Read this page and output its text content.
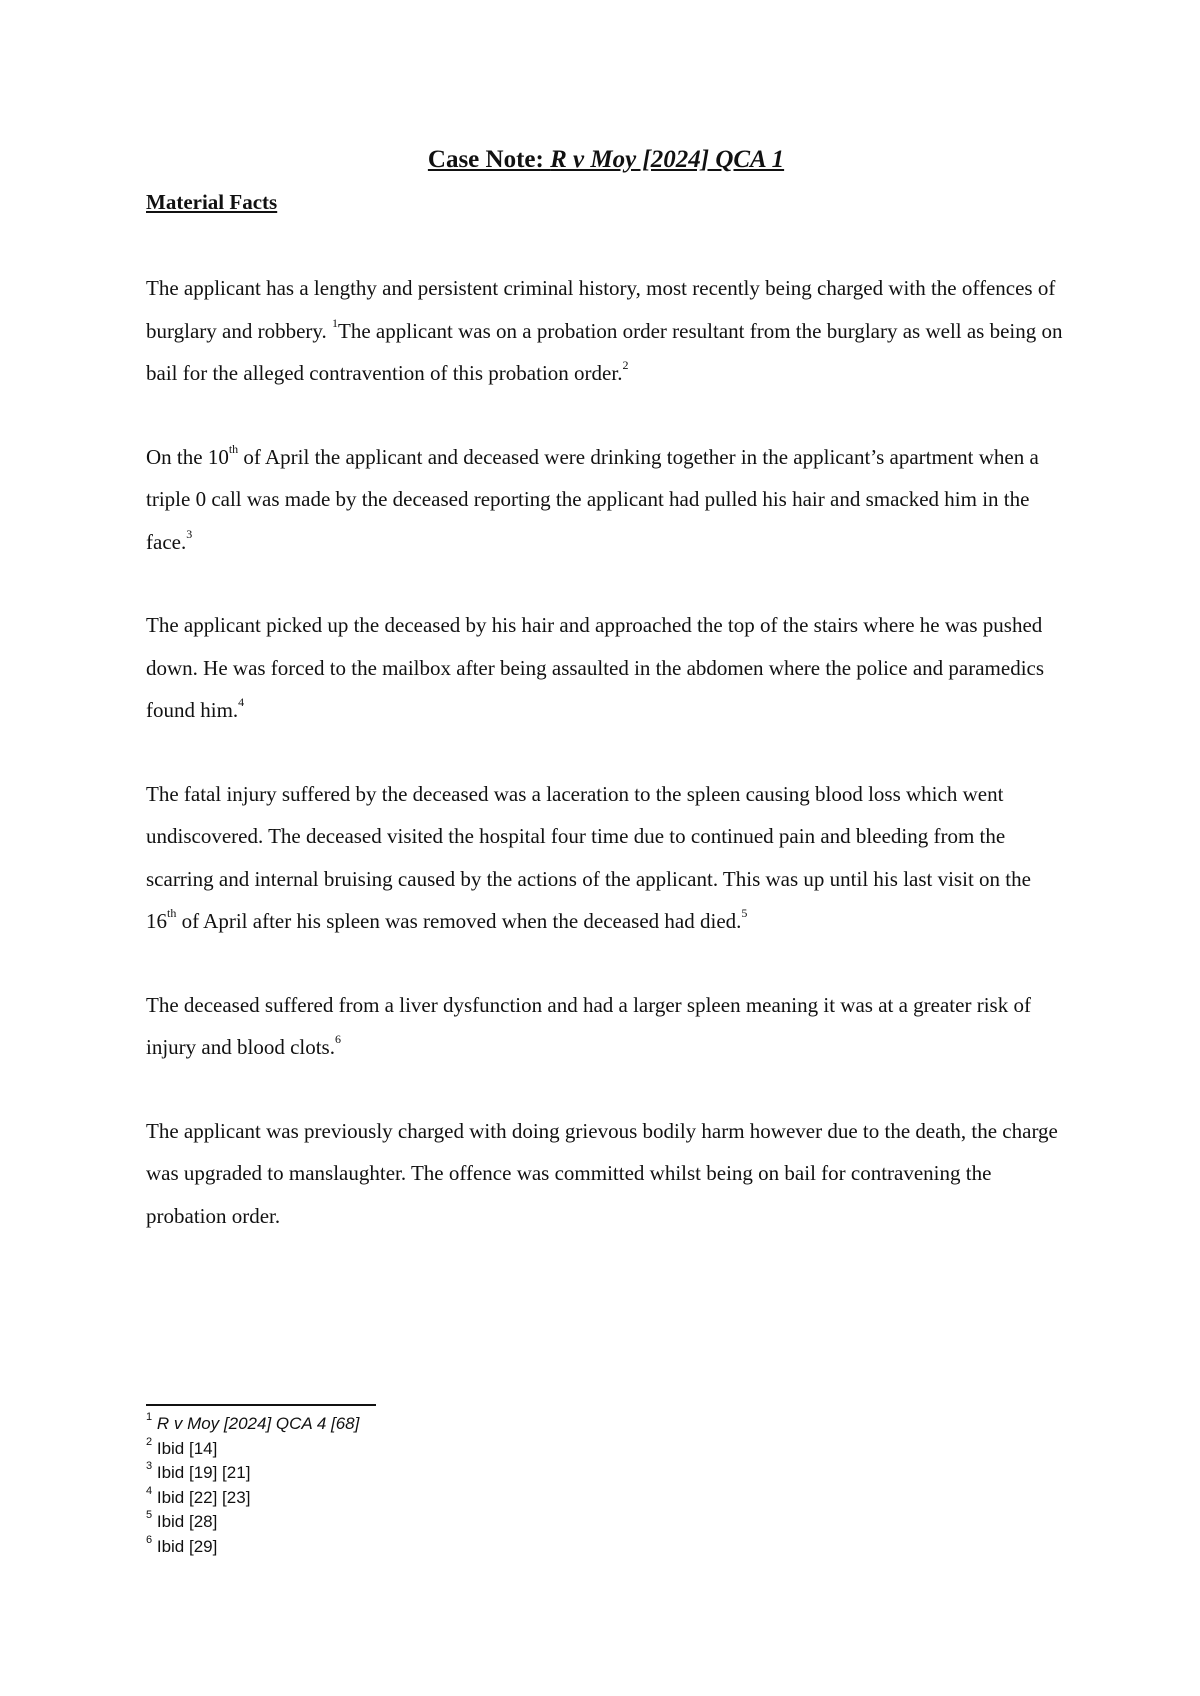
Case Note: R v Moy [2024] QCA 1
Material Facts
The applicant has a lengthy and persistent criminal history, most recently being charged with the offences of burglary and robbery. $^1$The applicant was on a probation order resultant from the burglary as well as being on bail for the alleged contravention of this probation order.$^2$
On the 10th of April the applicant and deceased were drinking together in the applicant’s apartment when a triple 0 call was made by the deceased reporting the applicant had pulled his hair and smacked him in the face.$^3$
The applicant picked up the deceased by his hair and approached the top of the stairs where he was pushed down. He was forced to the mailbox after being assaulted in the abdomen where the police and paramedics found him.$^4$
The fatal injury suffered by the deceased was a laceration to the spleen causing blood loss which went undiscovered. The deceased visited the hospital four time due to continued pain and bleeding from the scarring and internal bruising caused by the actions of the applicant. This was up until his last visit on the 16th of April after his spleen was removed when the deceased had died.$^5$
The deceased suffered from a liver dysfunction and had a larger spleen meaning it was at a greater risk of injury and blood clots.$^6$
The applicant was previously charged with doing grievous bodily harm however due to the death, the charge was upgraded to manslaughter. The offence was committed whilst being on bail for contravening the probation order.
$^1$ R v Moy [2024] QCA 4 [68]
$^2$ Ibid [14]
$^3$ Ibid [19] [21]
$^4$ Ibid [22] [23]
$^5$ Ibid [28]
$^6$ Ibid [29]
